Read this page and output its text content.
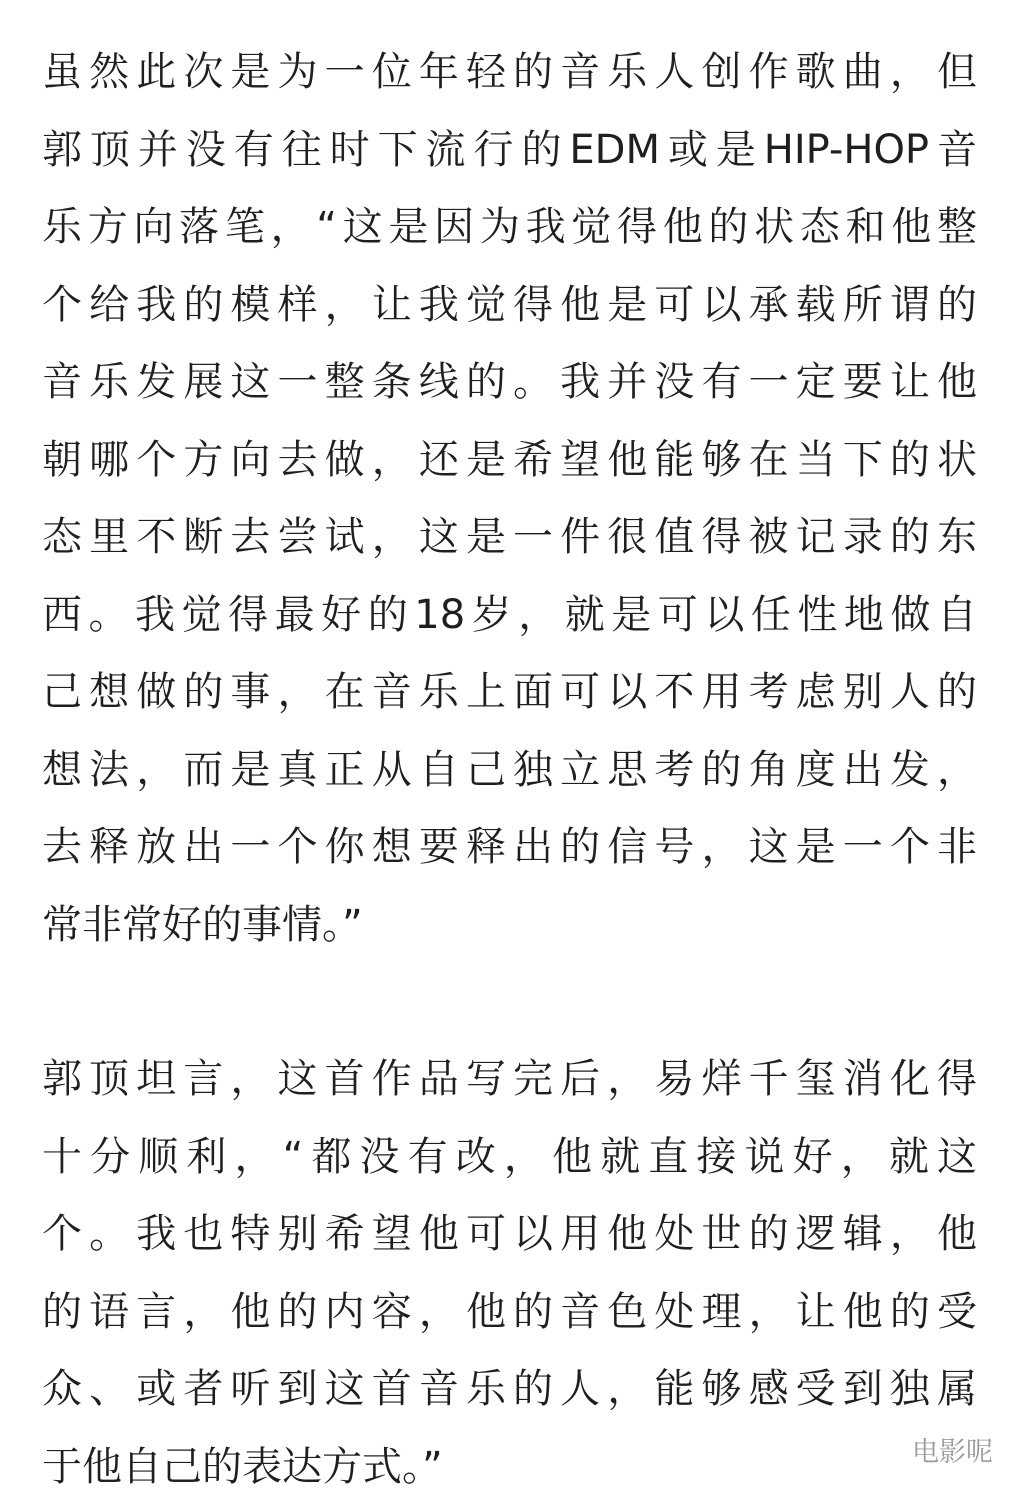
虽然此次是为一位年轻的音乐人创作歌曲，但
郭顶并没有往时下流行的EDM或是HIP-HOP音
乐方向落笔，“这是因为我觉得他的状态和他整
个给我的模样，让我觉得他是可以承载所谓的
音乐发展这一整条线的。我并没有一定要让他
朝哪个方向去做，还是希望他能够在当下的状
态里不断去尝试，这是一件很值得被记录的东
西。我觉得最好的18岁，就是可以任性地做自
己想做的事，在音乐上面可以不用考虑别人的
想法，而是真正从自己独立思考的角度出发，
去释放出一个你想要释出的信号，这是一个非
常非常好的事情。”
郭顶坦言，这首作品写完后，易烊千玺消化得
十分顺利，“都没有改，他就直接说好，就这
个。我也特别希望他可以用他处世的逻辑，他
的语言，他的内容，他的音色处理，让他的受
众、或者听到这首音乐的人，能够感受到独属
于他自己的表达方式。”	电影呢
